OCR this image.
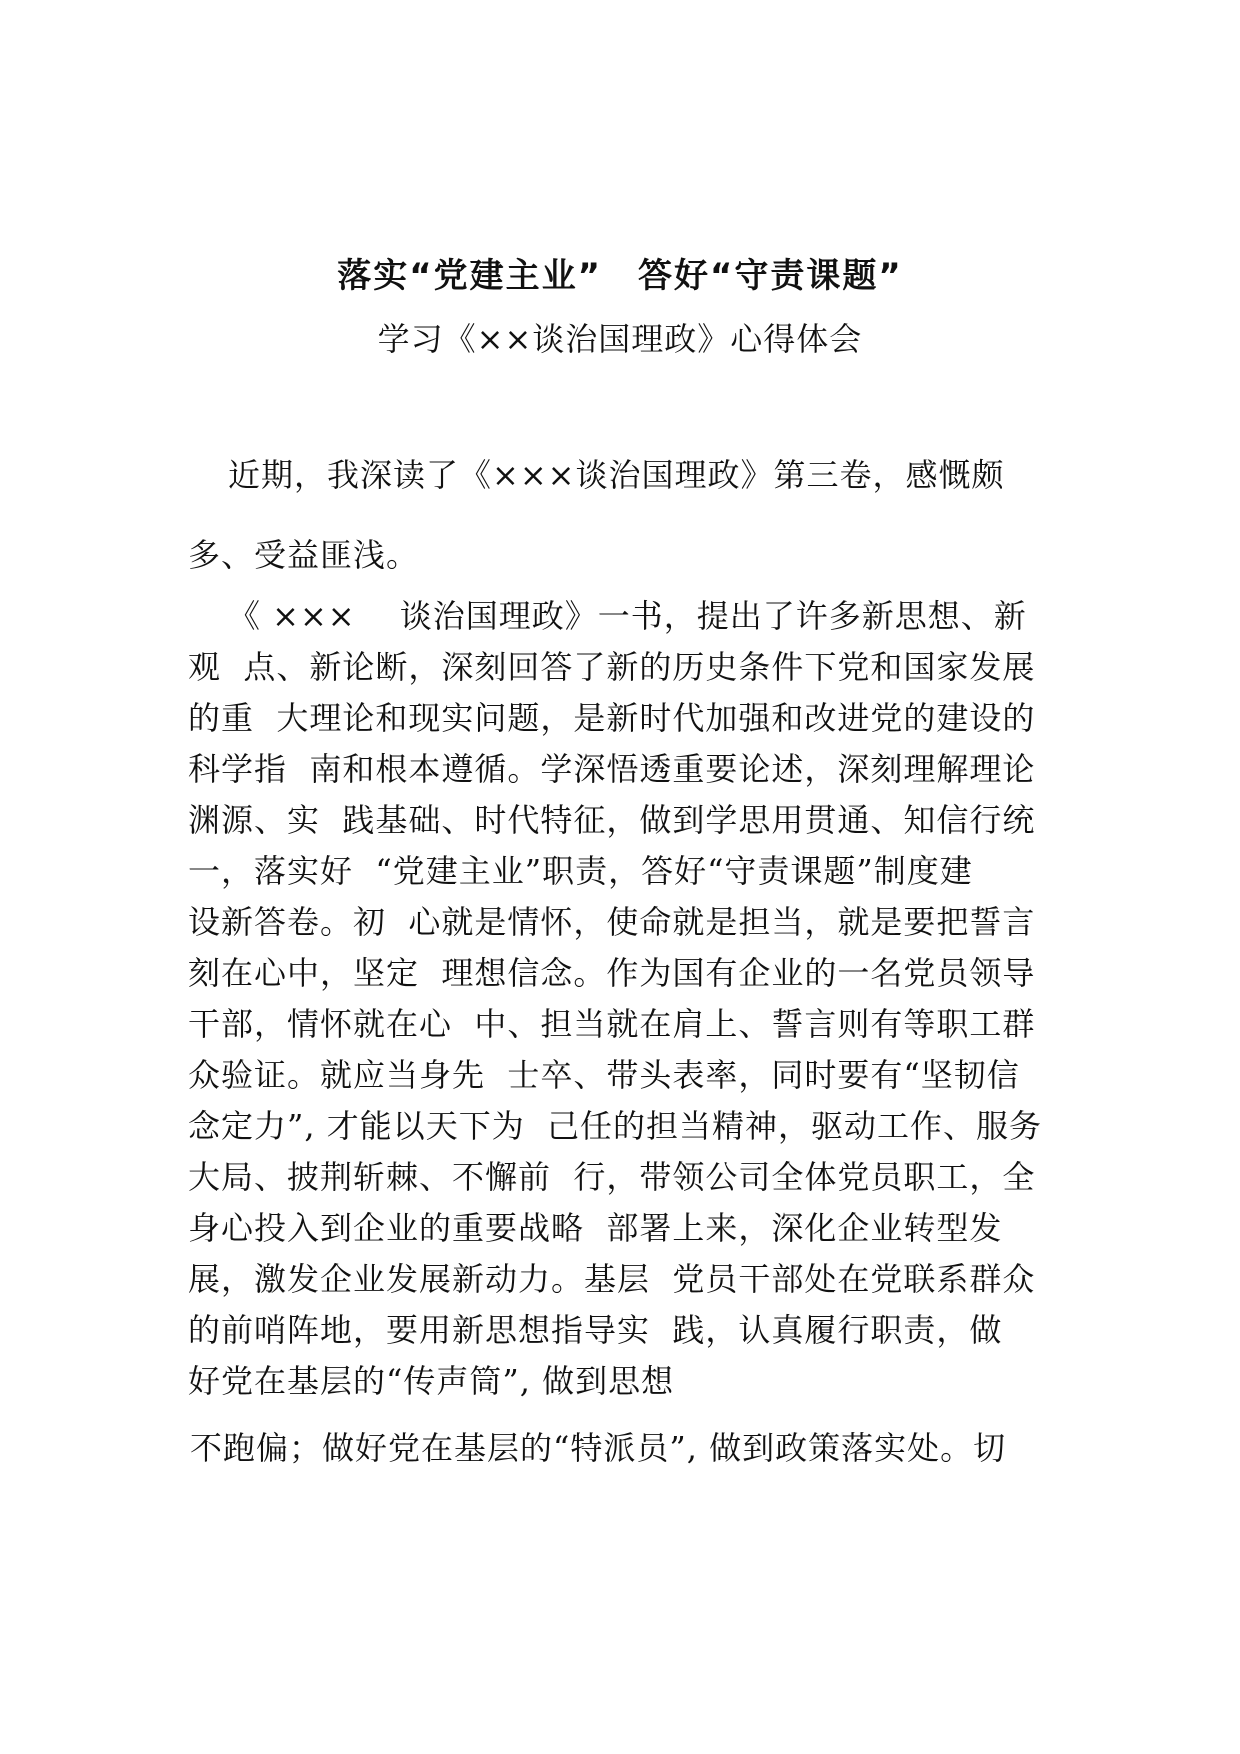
落实“党建主业”　答好“守责课题”
学习《××谈治国理政》心得体会
近期，我深读了《×××谈治国理政》第三卷，感慨颇
多、受益匪浅。
《 ×××　 谈治国理政》一书，提出了许多新思想、新
观  点、新论断，深刻回答了新的历史条件下党和国家发展
的重  大理论和现实问题，是新时代加强和改进党的建设的
科学指  南和根本遵循。学深悟透重要论述，深刻理解理论
渊源、实  践基础、时代特征，做到学思用贯通、知信行统
一，落实好  “党建主业”职责，答好“守责课题”制度建
设新答卷。初  心就是情怀，使命就是担当，就是要把誓言
刻在心中，坚定  理想信念。作为国有企业的一名党员领导
干部，情怀就在心  中、担当就在肩上、誓言则有等职工群
众验证。就应当身先  士卒、带头表率，同时要有“坚韧信
念定力”, 才能以天下为  己任的担当精神，驱动工作、服务
大局、披荆斩棘、不懈前  行，带领公司全体党员职工，全
身心投入到企业的重要战略  部署上来，深化企业转型发
展，激发企业发展新动力。基层  党员干部处在党联系群众
的前哨阵地，要用新思想指导实  践，认真履行职责，做
好党在基层的“传声筒”, 做到思想
不跑偏；做好党在基层的“特派员”, 做到政策落实处。切
